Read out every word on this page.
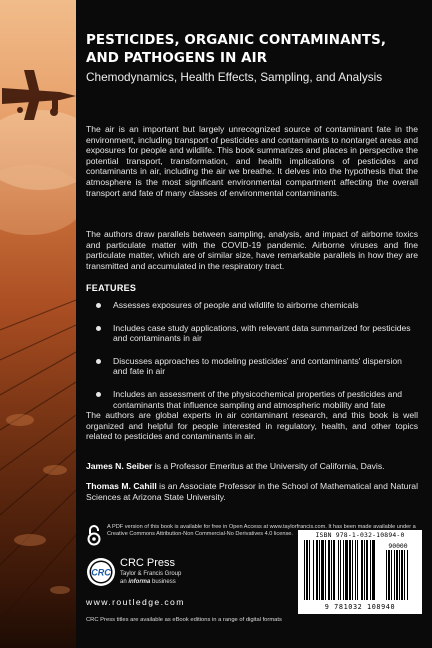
PESTICIDES, ORGANIC CONTAMINANTS,
AND PATHOGENS IN AIR
Chemodynamics, Health Effects, Sampling, and Analysis
The air is an important but largely unrecognized source of contaminant fate in the environment, including transport of pesticides and contaminants to nontarget areas and exposures for people and wildlife. This book summarizes and places in perspective the potential transport, transformation, and health implications of pesticides and contaminants in air, including the air we breathe. It delves into the hypothesis that the atmosphere is the most significant environmental compartment affecting the overall transport and fate of many classes of environmental contaminants.
The authors draw parallels between sampling, analysis, and impact of airborne toxics and particulate matter with the COVID-19 pandemic. Airborne viruses and fine particulate matter, which are of similar size, have remarkable parallels in how they are transmitted and accumulated in the respiratory tract.
FEATURES
Assesses exposures of people and wildlife to airborne chemicals
Includes case study applications, with relevant data summarized for pesticides and contaminants in air
Discusses approaches to modeling pesticides' and contaminants' dispersion and fate in air
Includes an assessment of the physicochemical properties of pesticides and contaminants that influence sampling and atmospheric mobility and fate
The authors are global experts in air contaminant research, and this book is well organized and helpful for people interested in regulatory, health, and other topics related to pesticides and contaminants in air.
James N. Seiber is a Professor Emeritus at the University of California, Davis.
Thomas M. Cahill is an Associate Professor in the School of Mathematical and Natural Sciences at Arizona State University.
A PDF version of this book is available for free in Open Access at www.taylorfrancis.com. It has been made available under a Creative Commons Attribution-Non Commercial-No Derivatives 4.0 license.
CRC
CRC Press
Taylor & Francis Group
an informa business
www.routledge.com
CRC Press titles are available as eBook editions in a range of digital formats
ISBN 978-1-032-10894-0
90000
9 781032 108940
